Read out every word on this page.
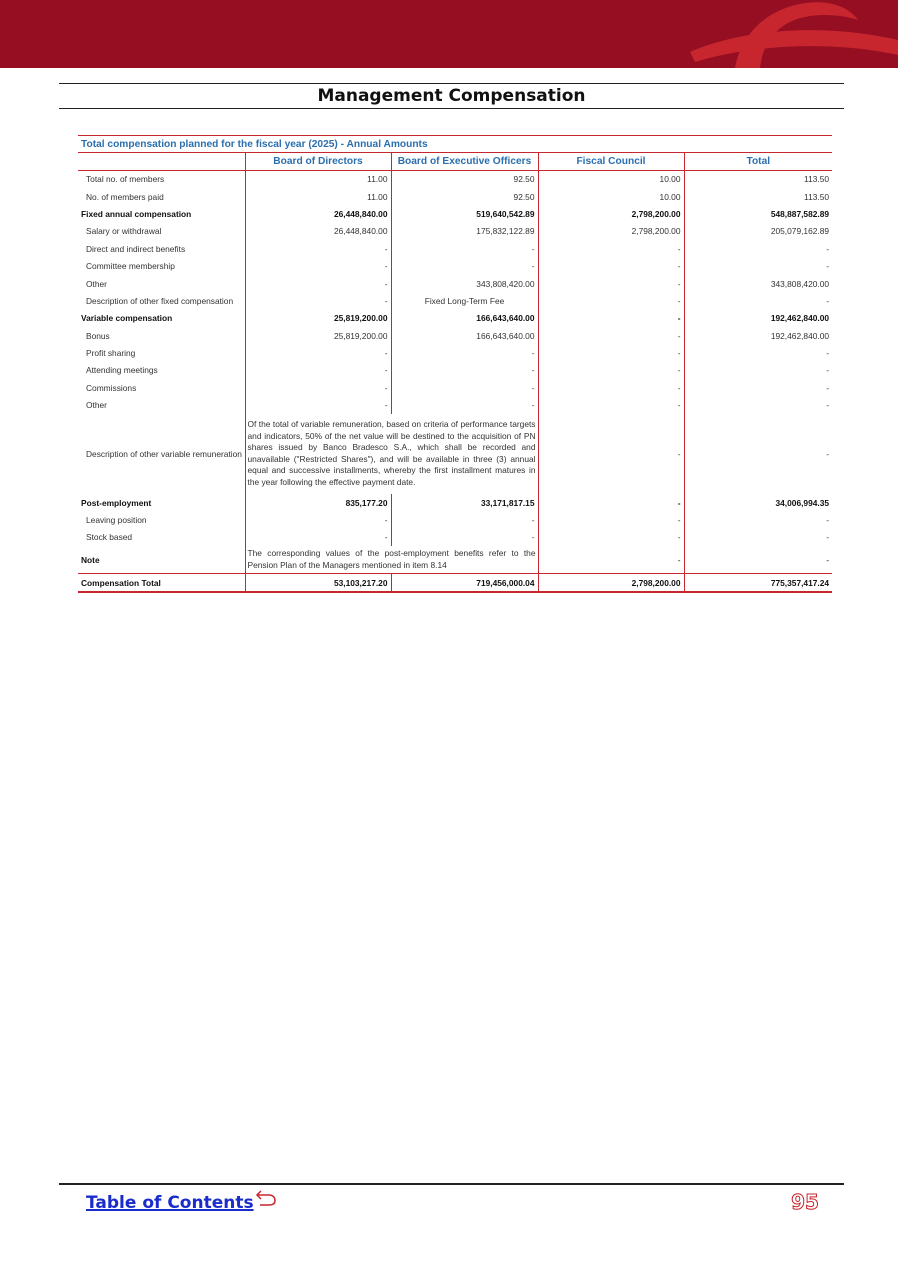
Management Compensation
Total compensation planned for the fiscal year (2025) - Annual Amounts				
	Board of Directors	Board of Executive Officers	Fiscal Council	Total
Total no. of members	11.00	92.50	10.00	113.50
No. of members paid	11.00	92.50	10.00	113.50
Fixed annual compensation	26,448,840.00	519,640,542.89	2,798,200.00	548,887,582.89
Salary or withdrawal	26,448,840.00	175,832,122.89	2,798,200.00	205,079,162.89
Direct and indirect benefits	-	-	-	-
Committee membership	-	-	-	-
Other	-	343,808,420.00	-	343,808,420.00
Description of other fixed compensation	-	Fixed Long-Term Fee	-	-
Variable compensation	25,819,200.00	166,643,640.00	-	192,462,840.00
Bonus	25,819,200.00	166,643,640.00	-	192,462,840.00
Profit sharing	-	-	-	-
Attending meetings	-	-	-	-
Commissions	-	-	-	-
Other	-	-	-	-
Description of other variable remuneration	Of the total of variable remuneration, based on criteria of performance targets and indicators, 50% of the net value will be destined to the acquisition of PN shares issued by Banco Bradesco S.A., which shall be recorded and unavailable ("Restricted Shares"), and will be available in three (3) annual equal and successive installments, whereby the first installment matures in the year following the effective payment date.		-	-
Post-employment	835,177.20	33,171,817.15	-	34,006,994.35
Leaving position	-	-	-	-
Stock based	-	-	-	-
Note	The corresponding values of the post-employment benefits refer to the Pension Plan of the Managers mentioned in item 8.14		-	-
Compensation Total	53,103,217.20	719,456,000.04	2,798,200.00	775,357,417.24
Table of Contents	95
